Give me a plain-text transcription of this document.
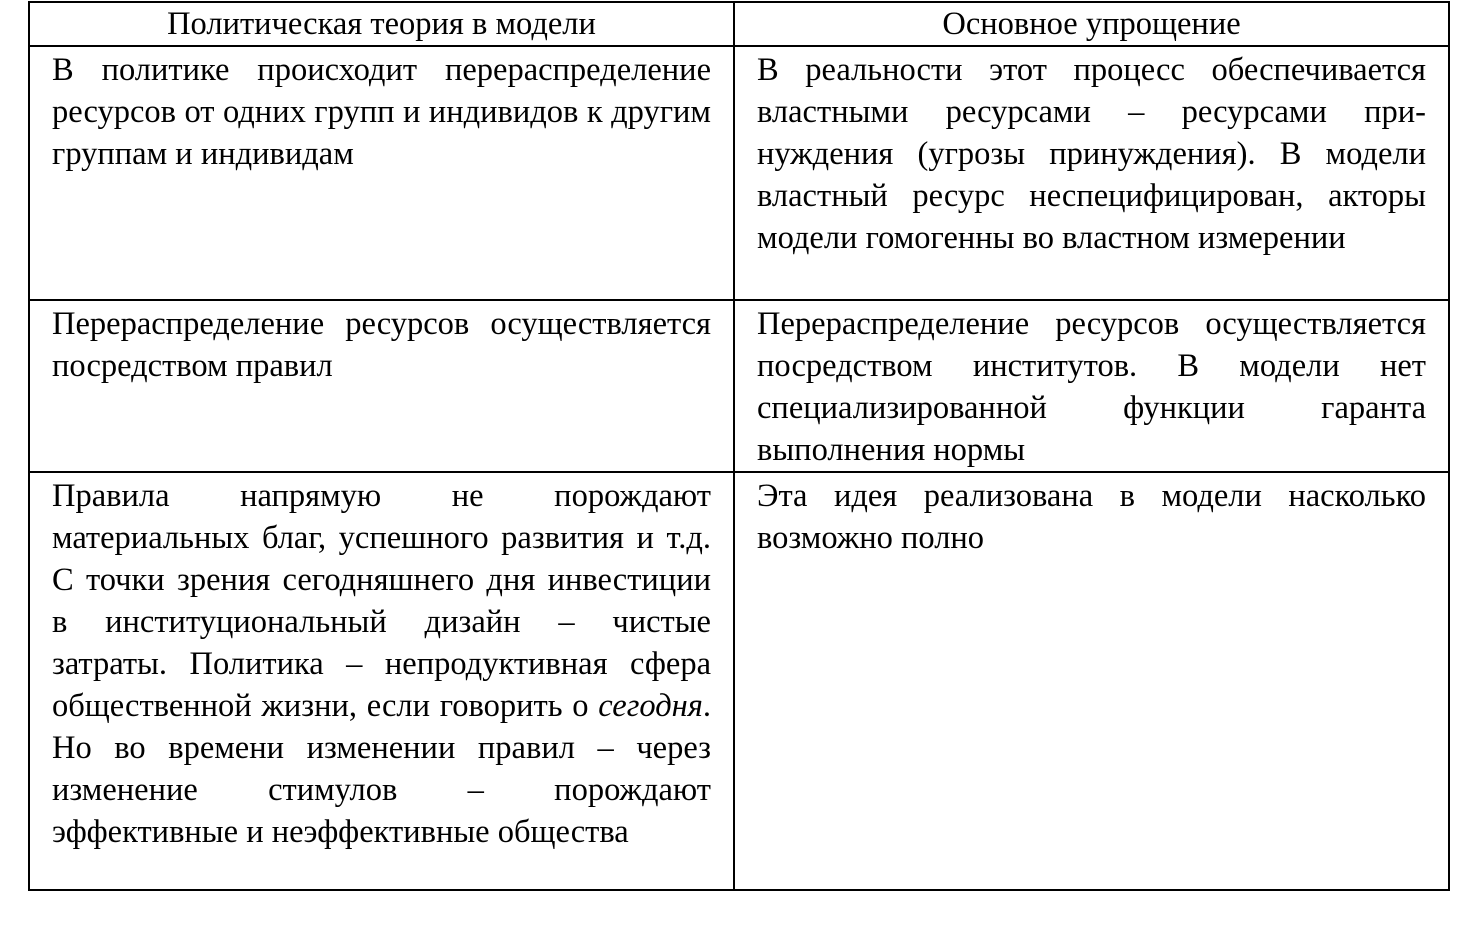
Политическая теория в модели	Основное упрощение
В политике происходит перераспределение ресурсов от одних групп и индивидов к другим группам и индивидам	В реальности этот процесс обеспечивается властными ресурсами – ресурсами при-нуждения (угрозы принуждения). В модели властный ресурс неспецифицирован, акторы модели гомогенны во властном измерении
Перераспределение ресурсов осуществляется посредством правил	Перераспределение ресурсов осуществляется посредством институтов. В модели нет специализированной функции гаранта выполнения нормы
Правила напрямую не порождают материальных благ, успешного развития и т.д. С точки зрения сегодняшнего дня инвестиции в институциональный дизайн – чистые затраты. Политика – непродуктивная сфера общественной жизни, если говорить о сегодня. Но во времени изменении правил – через изменение стимулов – порождают эффективные и неэффективные общества	Эта идея реализована в модели насколько возможно полно
